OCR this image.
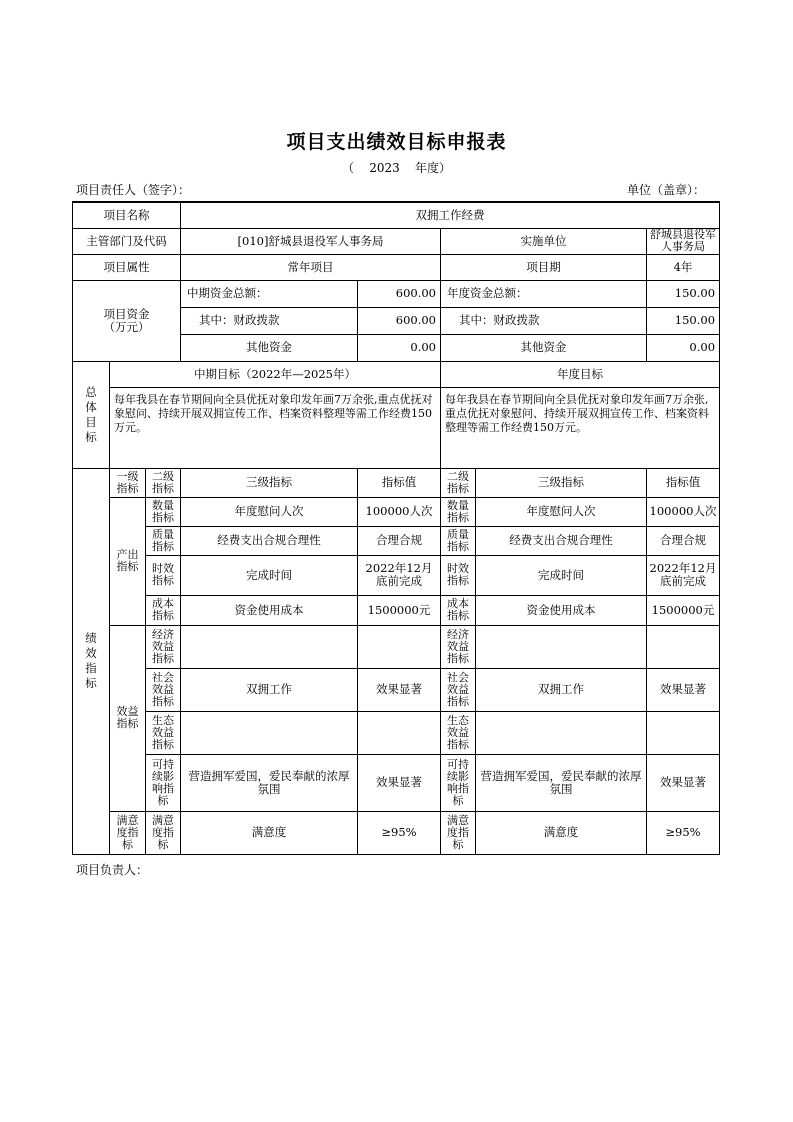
项目支出绩效目标申报表
（ 2023 年度）
项目责任人（签字）：	单位（盖章）：
项目名称			双拥工作经费				
主管部门及代码			[010]舒城县退役军人事务局		实施单位		舒城县退役军人事务局
项目属性			常年项目		项目期		4年
项目资金（万元）			中期资金总额：	600.00	年度资金总额：		150.00
			其中：财政拨款	600.00	其中：财政拨款		150.00
			其他资金	0.00	其他资金		0.00
总体目标	中期目标（2022年—2025年）				年度目标		
	每年我县在春节期间向全县优抚对象印发年画7万余张,重点优抚对象慰问、持续开展双拥宣传工作、档案资料整理等需工作经费150万元。				每年我县在春节期间向全县优抚对象印发年画7万余张,重点优抚对象慰问、持续开展双拥宣传工作、档案资料整理等需工作经费150万元。		
绩效指标	一级指标	二级指标	三级指标	指标值	二级指标	三级指标	指标值
	产出指标	数量指标	年度慰问人次	100000人次	数量指标	年度慰问人次	100000人次
		质量指标	经费支出合规合理性	合理合规	质量指标	经费支出合规合理性	合理合规
		时效指标	完成时间	2022年12月底前完成	时效指标	完成时间	2022年12月底前完成
		成本指标	资金使用成本	1500000元	成本指标	资金使用成本	1500000元
	效益指标	经济效益指标			经济效益指标		
		社会效益指标	双拥工作	效果显著	社会效益指标	双拥工作	效果显著
		生态效益指标			生态效益指标		
		可持续影响指标	营造拥军爱国，爱民奉献的浓厚氛围	效果显著	可持续影响指标	营造拥军爱国，爱民奉献的浓厚氛围	效果显著
	满意度指标	满意度指标	满意度	≥95%	满意度指标	满意度	≥95%
项目负责人：
